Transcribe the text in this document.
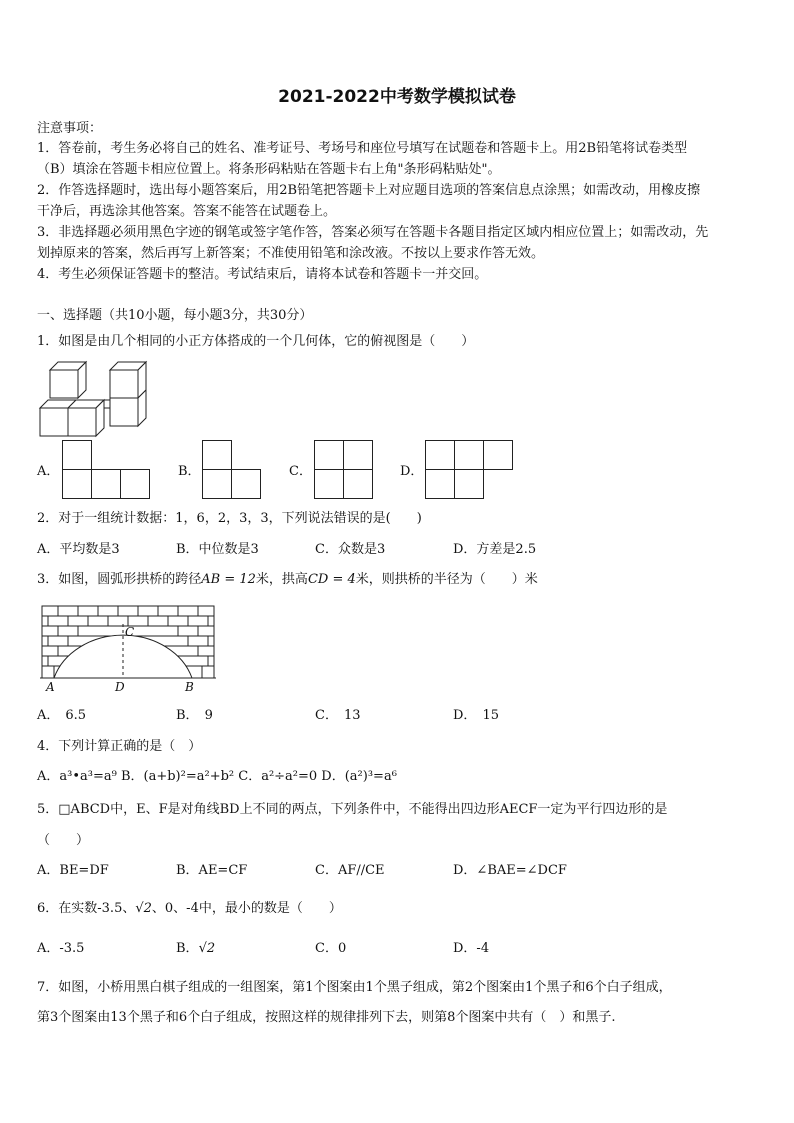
2021-2022中考数学模拟试卷
注意事项：
1．答卷前，考生务必将自己的姓名、准考证号、考场号和座位号填写在试题卷和答题卡上。用2B铅笔将试卷类型
（B）填涂在答题卡相应位置上。将条形码粘贴在答题卡右上角"条形码粘贴处"。
2．作答选择题时，选出每小题答案后，用2B铅笔把答题卡上对应题目选项的答案信息点涂黑；如需改动，用橡皮擦
干净后，再选涂其他答案。答案不能答在试题卷上。
3．非选择题必须用黑色字迹的钢笔或签字笔作答，答案必须写在答题卡各题目指定区域内相应位置上；如需改动，先
划掉原来的答案，然后再写上新答案；不准使用铅笔和涂改液。不按以上要求作答无效。
4．考生必须保证答题卡的整洁。考试结束后，请将本试卷和答题卡一并交回。
一、选择题（共10小题，每小题3分，共30分）
1．如图是由几个相同的小正方体搭成的一个几何体，它的俯视图是（　　）
A．	B．	C．	D．
2．对于一组统计数据：1，6，2，3，3，下列说法错误的是(　　)
A．平均数是3	B．中位数是3	C．众数是3	D．方差是2.5
3．如图，圆弧形拱桥的跨径AB = 12米，拱高CD = 4米，则拱桥的半径为（　　）米
A	D	B
C
A． 6.5	B． 9	C． 13	D． 15
4．下列计算正确的是（　）
A．a³•a³=a⁹ B．(a+b)²=a²+b² C．a²÷a²=0 D．(a²)³=a⁶
5．□ABCD中，E、F是对角线BD上不同的两点，下列条件中，不能得出四边形AECF一定为平行四边形的是
（　　）
A．BE=DF	B．AE=CF	C．AF//CE	D．∠BAE=∠DCF
6．在实数-3.5、√2、0、-4中，最小的数是（　　）
A．-3.5	B．√2	C．0	D．-4
7．如图，小桥用黑白棋子组成的一组图案，第1个图案由1个黑子组成，第2个图案由1个黑子和6个白子组成，
第3个图案由13个黑子和6个白子组成，按照这样的规律排列下去，则第8个图案中共有（　）和黑子.
